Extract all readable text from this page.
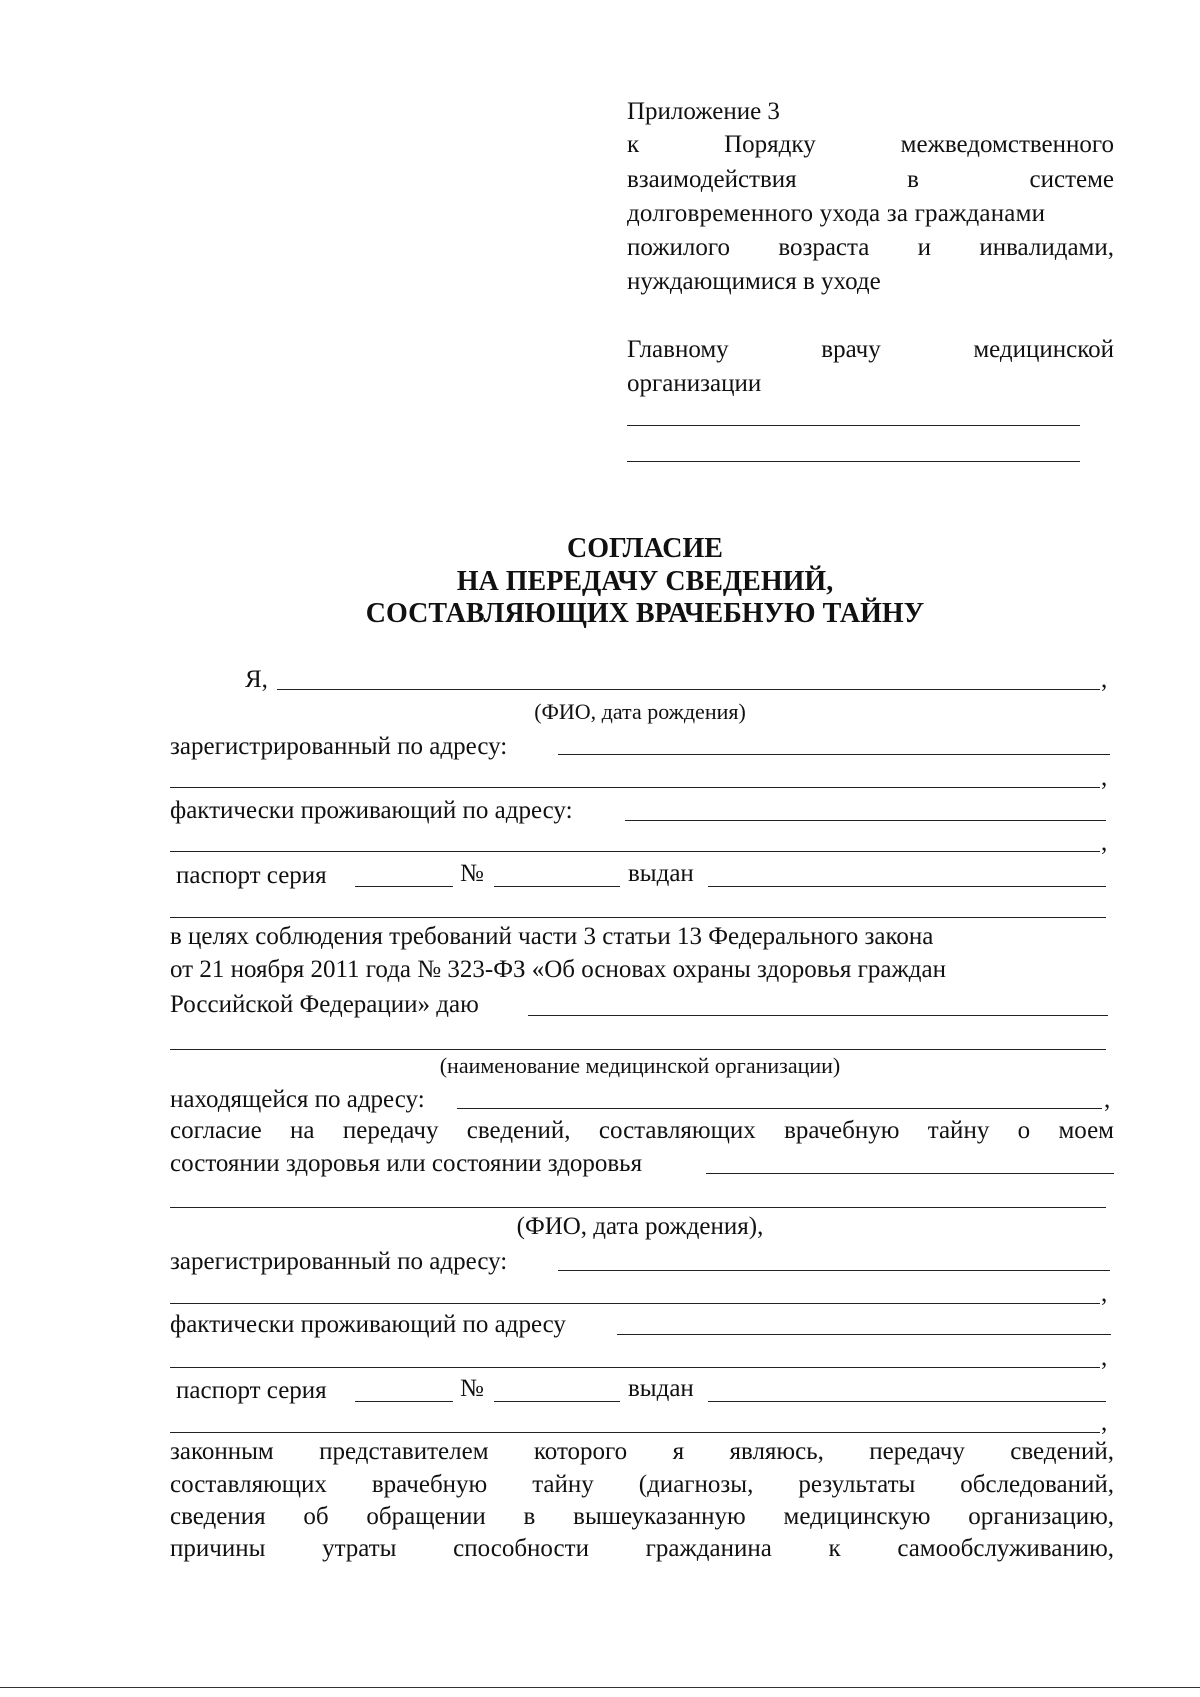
Приложение 3
к	Порядку	межведомственного
взаимодействия	в	системе
долговременного ухода за гражданами
пожилого возраста и инвалидами,
нуждающимися в уходе
Главному	врачу	медицинской
организации
СОГЛАСИЕ
НА ПЕРЕДАЧУ СВЕДЕНИЙ,
СОСТАВЛЯЮЩИХ ВРАЧЕБНУЮ ТАЙНУ
Я,	,
(ФИО, дата рождения)
зарегистрированный по адресу:
,
фактически проживающий по адресу:
,
паспорт серия	№	выдан
в целях соблюдения требований части 3 статьи 13 Федерального закона
от 21 ноября 2011 года № 323-ФЗ «Об основах охраны здоровья граждан
Российской Федерации» даю
(наименование медицинской организации)
находящейся по адресу:	,
согласие на передачу сведений, составляющих врачебную тайну о моем
состоянии здоровья или состоянии здоровья
(ФИО, дата рождения),
зарегистрированный по адресу:
,
фактически проживающий по адресу
,
паспорт серия	№	выдан
,
законным представителем которого я являюсь, передачу сведений,
составляющих врачебную тайну (диагнозы, результаты обследований,
сведения об обращении в вышеуказанную медицинскую организацию,
причины утраты способности гражданина к самообслуживанию,
